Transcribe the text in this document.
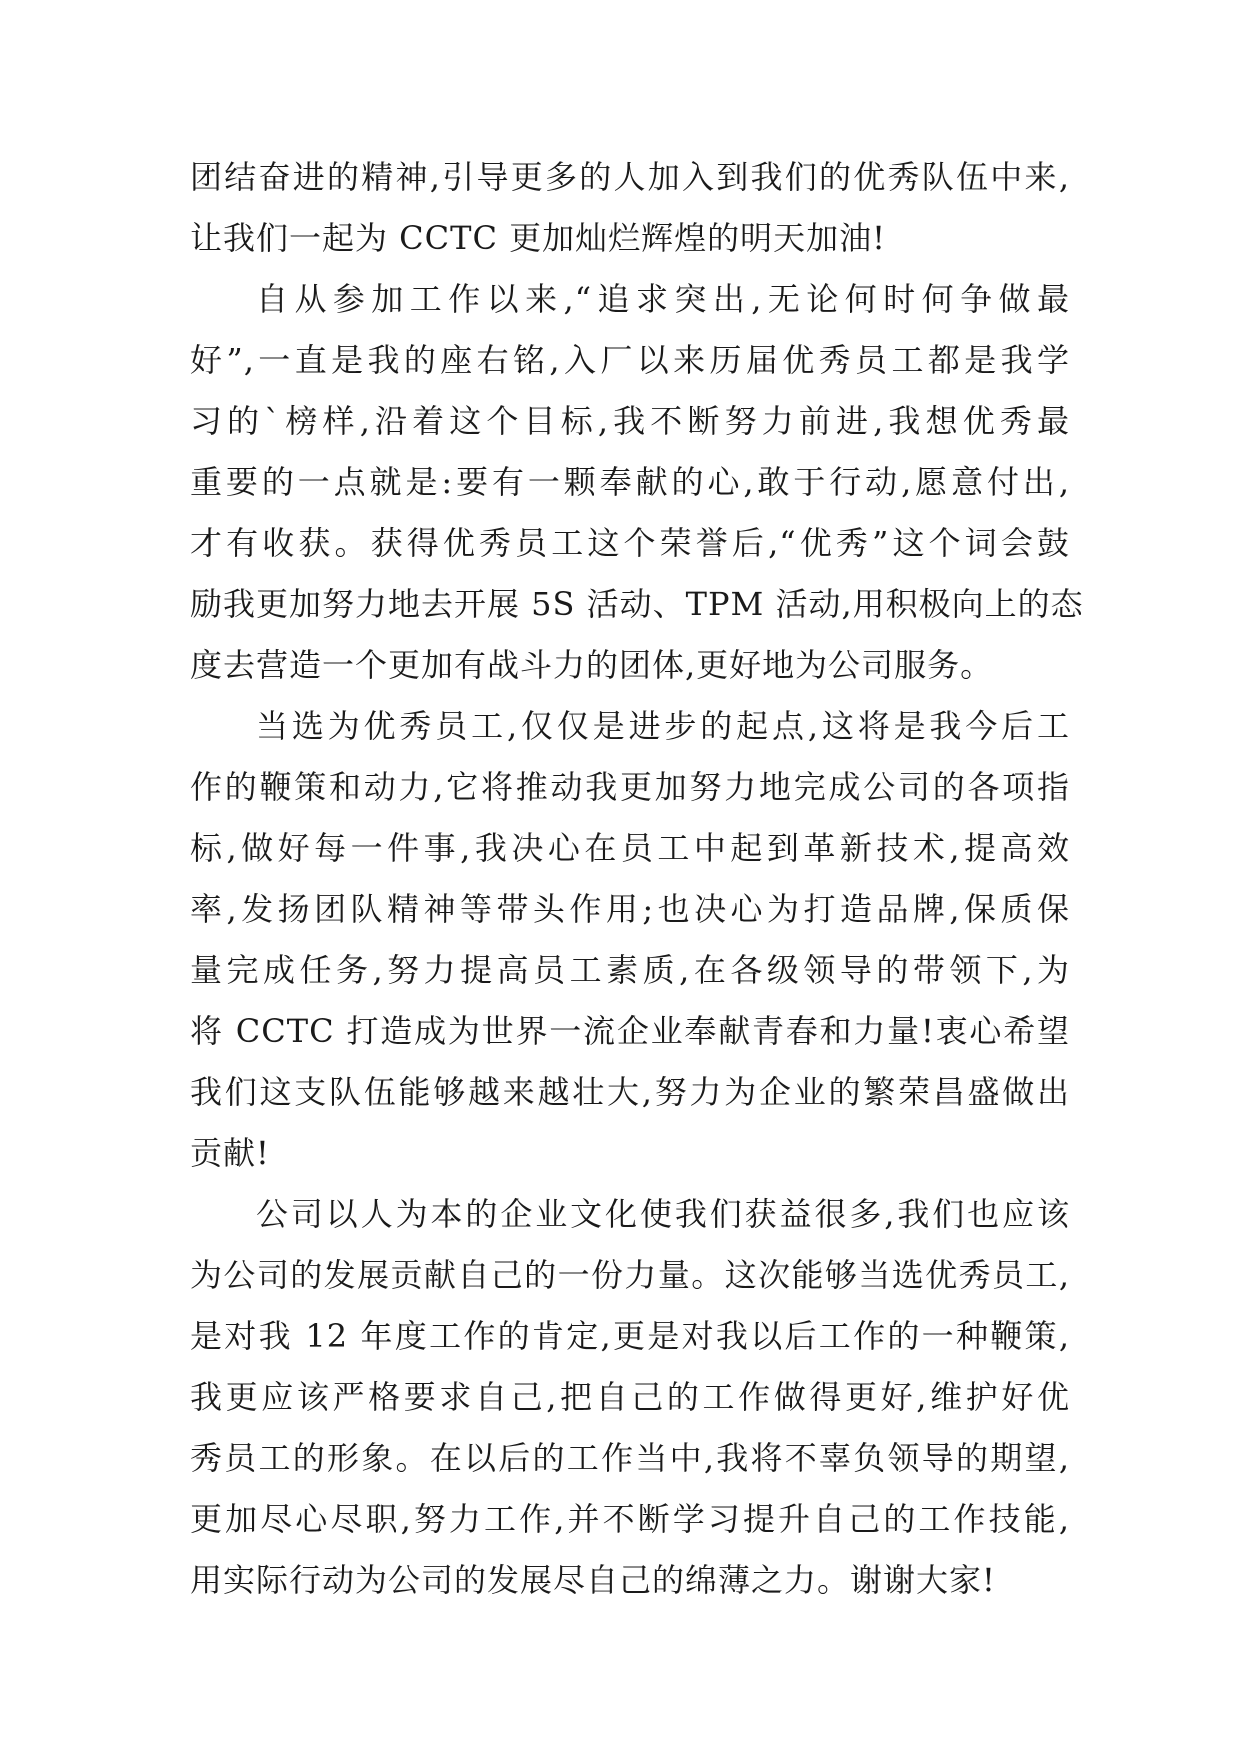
团结奋进的精神,引导更多的人加入到我们的优秀队伍中来,
让我们一起为 CCTC 更加灿烂辉煌的明天加油!
自从参加工作以来,“追求突出,无论何时何争做最
好”,一直是我的座右铭,入厂以来历届优秀员工都是我学
习的`榜样,沿着这个目标,我不断努力前进,我想优秀最
重要的一点就是:要有一颗奉献的心,敢于行动,愿意付出,
才有收获。获得优秀员工这个荣誉后,“优秀”这个词会鼓
励我更加努力地去开展 5S 活动、TPM 活动,用积极向上的态
度去营造一个更加有战斗力的团体,更好地为公司服务。
当选为优秀员工,仅仅是进步的起点,这将是我今后工
作的鞭策和动力,它将推动我更加努力地完成公司的各项指
标,做好每一件事,我决心在员工中起到革新技术,提高效
率,发扬团队精神等带头作用;也决心为打造品牌,保质保
量完成任务,努力提高员工素质,在各级领导的带领下,为
将 CCTC 打造成为世界一流企业奉献青春和力量!衷心希望
我们这支队伍能够越来越壮大,努力为企业的繁荣昌盛做出
贡献!
公司以人为本的企业文化使我们获益很多,我们也应该
为公司的发展贡献自己的一份力量。这次能够当选优秀员工,
是对我 12 年度工作的肯定,更是对我以后工作的一种鞭策,
我更应该严格要求自己,把自己的工作做得更好,维护好优
秀员工的形象。在以后的工作当中,我将不辜负领导的期望,
更加尽心尽职,努力工作,并不断学习提升自己的工作技能,
用实际行动为公司的发展尽自己的绵薄之力。谢谢大家!
